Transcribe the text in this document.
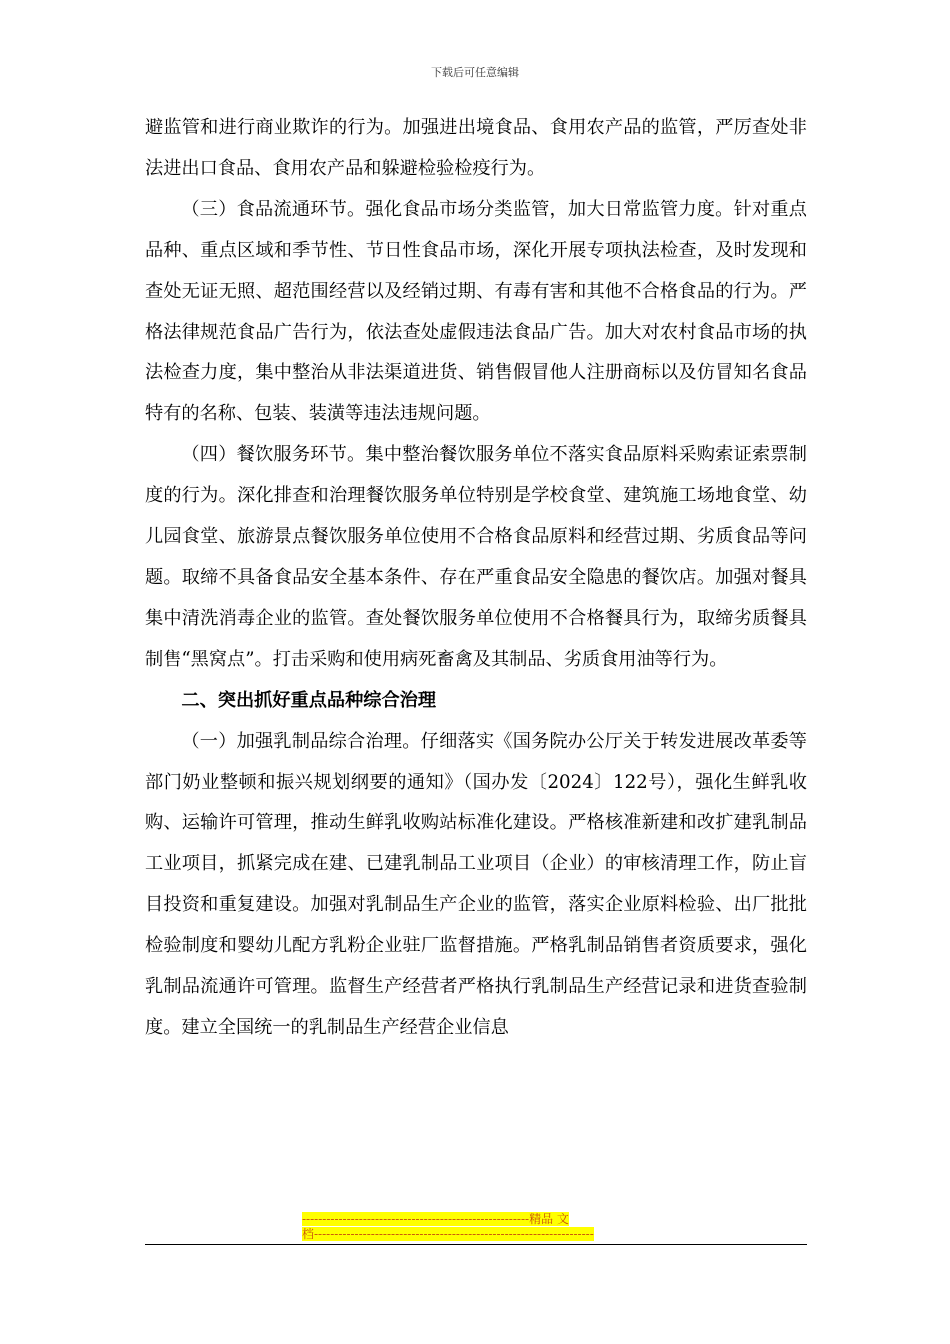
下载后可任意编辑

避监管和进行商业欺诈的行为。加强进出境食品、食用农产品的监管，严厉查处非法进出口食品、食用农产品和躲避检验检疫行为。

（三）食品流通环节。强化食品市场分类监管，加大日常监管力度。针对重点品种、重点区域和季节性、节日性食品市场，深化开展专项执法检查，及时发现和查处无证无照、超范围经营以及经销过期、有毒有害和其他不合格食品的行为。严格法律规范食品广告行为，依法查处虚假违法食品广告。加大对农村食品市场的执法检查力度，集中整治从非法渠道进货、销售假冒他人注册商标以及仿冒知名食品特有的名称、包装、装潢等违法违规问题。

（四）餐饮服务环节。集中整治餐饮服务单位不落实食品原料采购索证索票制度的行为。深化排查和治理餐饮服务单位特别是学校食堂、建筑施工场地食堂、幼儿园食堂、旅游景点餐饮服务单位使用不合格食品原料和经营过期、劣质食品等问题。取缔不具备食品安全基本条件、存在严重食品安全隐患的餐饮店。加强对餐具集中清洗消毒企业的监管。查处餐饮服务单位使用不合格餐具行为，取缔劣质餐具制售“黑窝点”。打击采购和使用病死畜禽及其制品、劣质食用油等行为。

二、突出抓好重点品种综合治理

（一）加强乳制品综合治理。仔细落实《国务院办公厅关于转发进展改革委等部门奶业整顿和振兴规划纲要的通知》（国办发〔2024〕122号），强化生鲜乳收购、运输许可管理，推动生鲜乳收购站标准化建设。严格核准新建和改扩建乳制品工业项目，抓紧完成在建、已建乳制品工业项目（企业）的审核清理工作，防止盲目投资和重复建设。加强对乳制品生产企业的监管，落实企业原料检验、出厂批批检验制度和婴幼儿配方乳粉企业驻厂监督措施。严格乳制品销售者资质要求，强化乳制品流通许可管理。监督生产经营者严格执行乳制品生产经营记录和进货查验制度。建立全国统一的乳制品生产经营企业信息

--------------------------------------------------------精品 文
档---------------------------------------------------------------------
